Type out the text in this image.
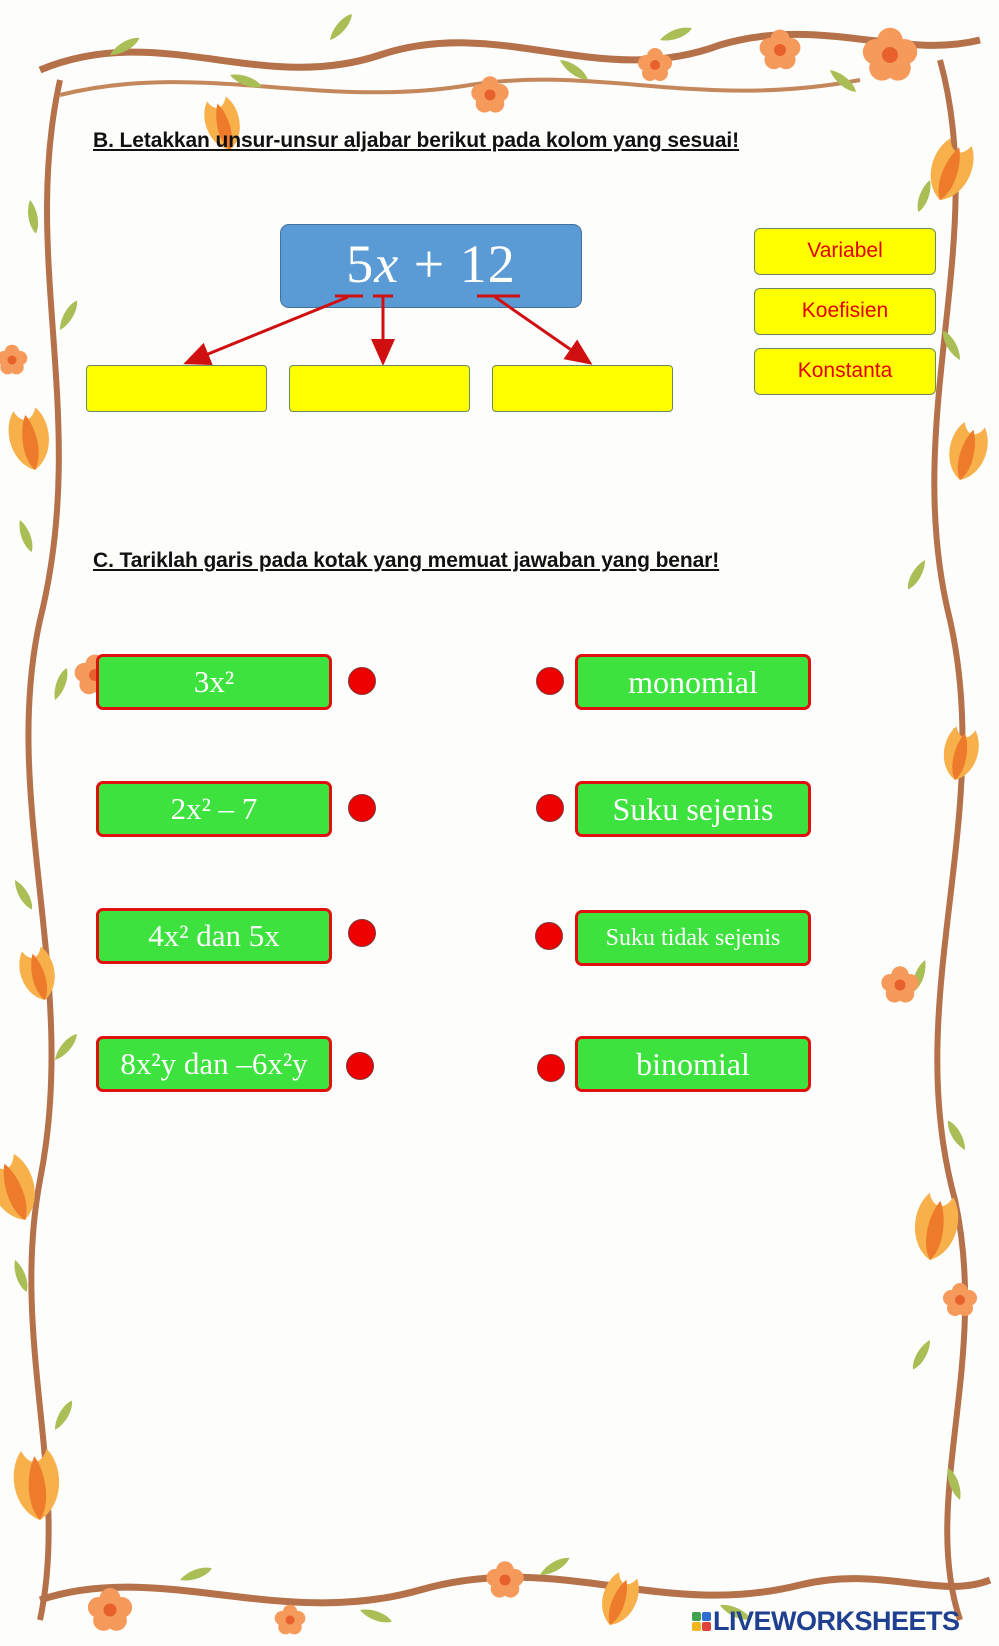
B. Letakkan unsur-unsur aljabar berikut pada kolom yang sesuai!
5x + 12	Variabel
Koefisien
Konstanta
C. Tariklah garis pada kotak yang memuat jawaban yang benar!
3x²
2x² – 7
4x² dan 5x
8x²y dan –6x²y
monomial
Suku sejenis
Suku tidak sejenis
binomial
LIVEWORKSHEETS
